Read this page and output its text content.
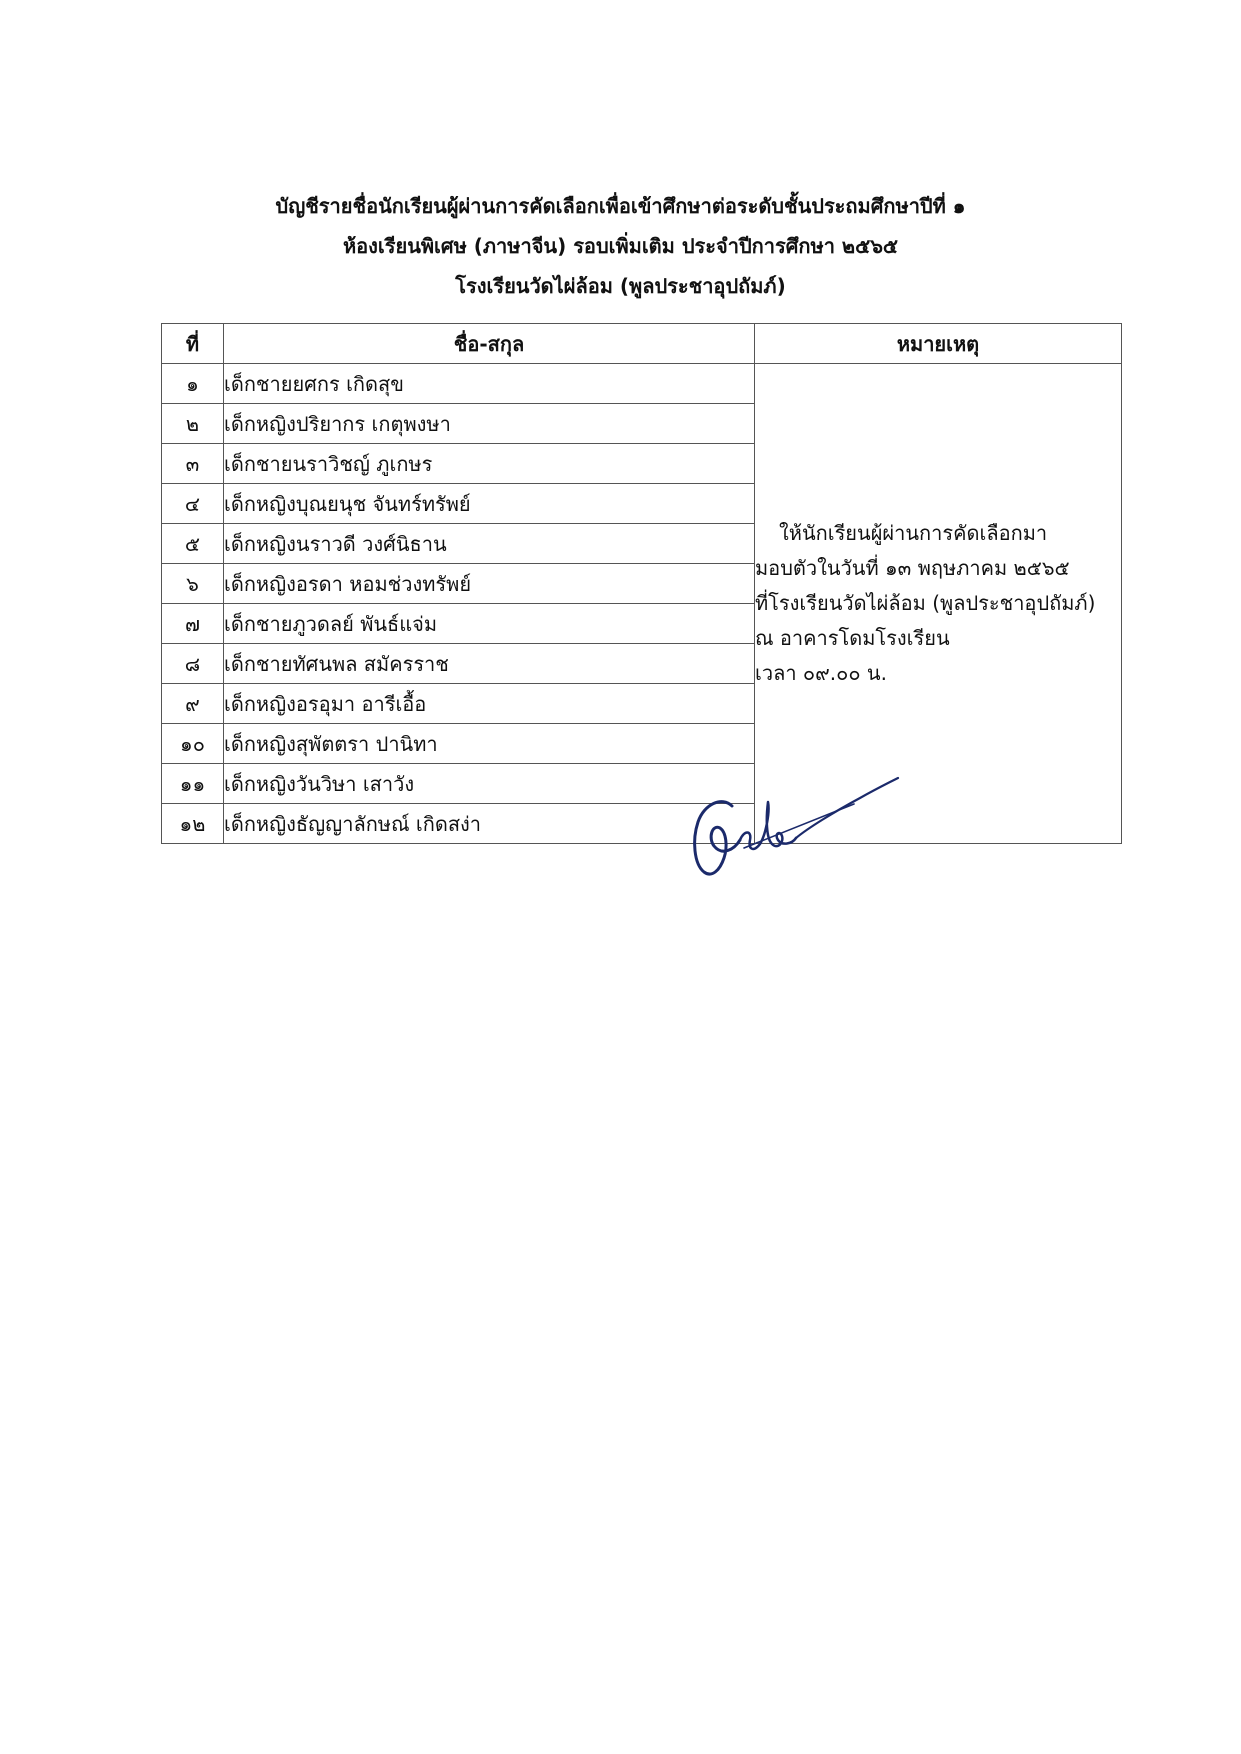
บัญชีรายชื่อนักเรียนผู้ผ่านการคัดเลือกเพื่อเข้าศึกษาต่อระดับชั้นประถมศึกษาปีที่ ๑
ห้องเรียนพิเศษ (ภาษาจีน) รอบเพิ่มเติม ประจำปีการศึกษา ๒๕๖๕
โรงเรียนวัดไผ่ล้อม (พูลประชาอุปถัมภ์)
ที่	ชื่อ-สกุล	หมายเหตุ
๑	เด็กชายยศกร เกิดสุข	ให้นักเรียนผู้ผ่านการคัดเลือกมา
มอบตัวในวันที่ ๑๓ พฤษภาคม ๒๕๖๕
ที่โรงเรียนวัดไผ่ล้อม (พูลประชาอุปถัมภ์)
ณ อาคารโดมโรงเรียน
เวลา ๐๙.๐๐ น.

๒	เด็กหญิงปริยากร เกตุพงษา	
๓	เด็กชายนราวิชญ์ ภูเกษร	
๔	เด็กหญิงบุณยนุช จันทร์ทรัพย์	
๕	เด็กหญิงนราวดี วงศ์นิธาน	
๖	เด็กหญิงอรดา หอมช่วงทรัพย์	
๗	เด็กชายภูวดลย์ พันธ์แจ่ม	
๘	เด็กชายทัศนพล สมัครราช	
๙	เด็กหญิงอรอุมา อารีเอื้อ	
๑๐	เด็กหญิงสุพัตตรา ปานิทา	
๑๑	เด็กหญิงวันวิษา เสาวัง	
๑๒	เด็กหญิงธัญญาลักษณ์ เกิดสง่า	
